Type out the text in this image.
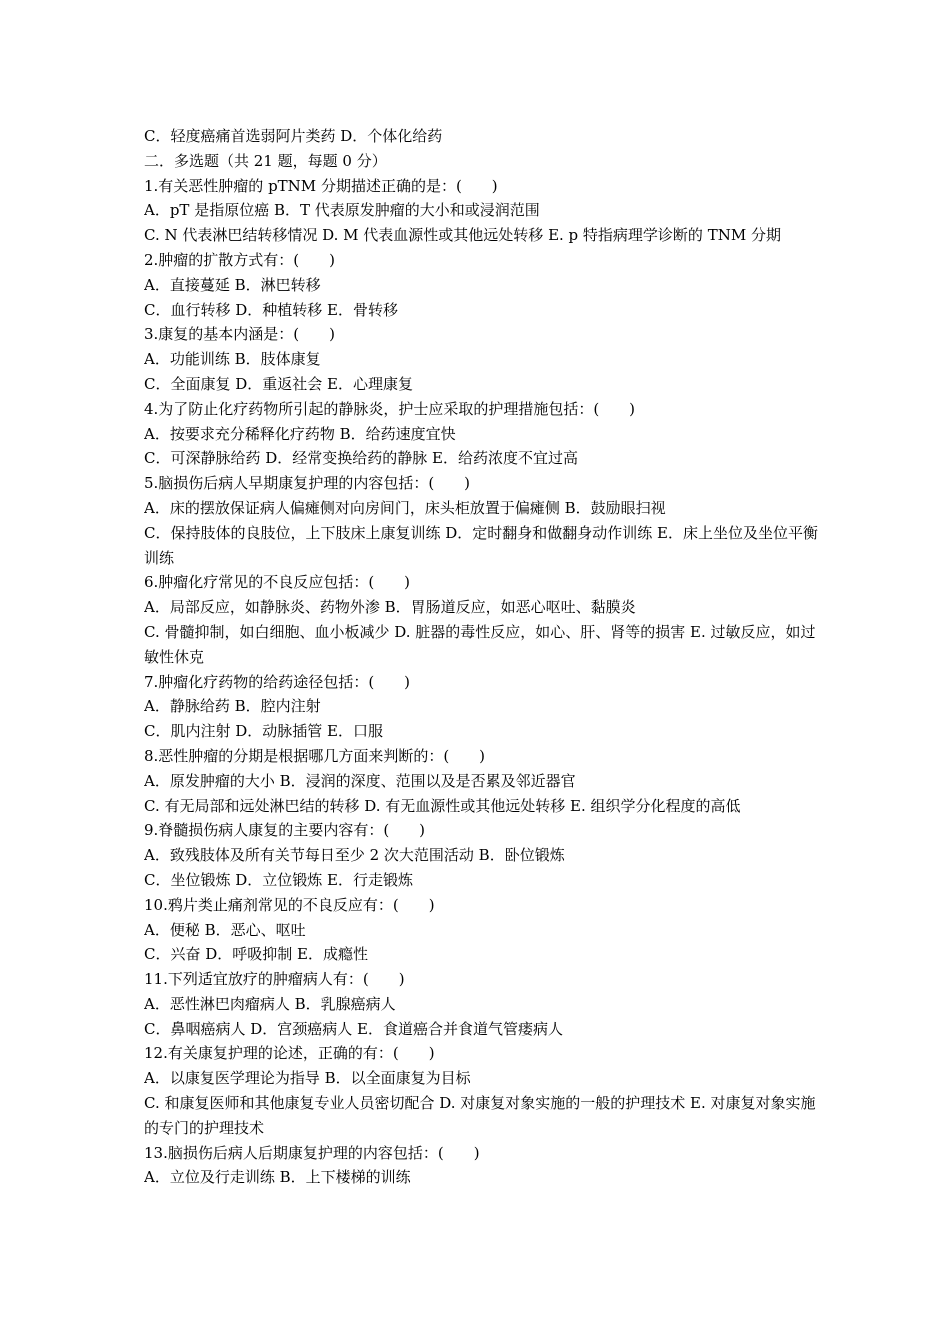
C．轻度癌痛首选弱阿片类药 D．个体化给药
二．多选题（共 21 题，每题 0 分）
1.有关恶性肿瘤的 pTNM 分期描述正确的是：(　　)
A．pT 是指原位癌 B．T 代表原发肿瘤的大小和或浸润范围
C. N 代表淋巴结转移情况 D. M 代表血源性或其他远处转移 E. p 特指病理学诊断的 TNM 分期
2.肿瘤的扩散方式有：(　　)
A．直接蔓延 B．淋巴转移
C．血行转移 D．种植转移 E．骨转移
3.康复的基本内涵是：(　　)
A．功能训练 B．肢体康复
C．全面康复 D．重返社会 E．心理康复
4.为了防止化疗药物所引起的静脉炎，护士应采取的护理措施包括：(　　)
A．按要求充分稀释化疗药物 B．给药速度宜快
C．可深静脉给药 D．经常变换给药的静脉 E．给药浓度不宜过高
5.脑损伤后病人早期康复护理的内容包括：(　　)
A．床的摆放保证病人偏瘫侧对向房间门，床头柜放置于偏瘫侧 B．鼓励眼扫视
C．保持肢体的良肢位，上下肢床上康复训练 D．定时翻身和做翻身动作训练 E．床上坐位及坐位平衡训练
6.肿瘤化疗常见的不良反应包括：(　　)
A．局部反应，如静脉炎、药物外渗 B．胃肠道反应，如恶心呕吐、黏膜炎
C. 骨髓抑制，如白细胞、血小板减少 D. 脏器的毒性反应，如心、肝、肾等的损害 E. 过敏反应，如过敏性休克
7.肿瘤化疗药物的给药途径包括：(　　)
A．静脉给药 B．腔内注射
C．肌内注射 D．动脉插管 E．口服
8.恶性肿瘤的分期是根据哪几方面来判断的：(　　)
A．原发肿瘤的大小 B．浸润的深度、范围以及是否累及邻近器官
C. 有无局部和远处淋巴结的转移 D. 有无血源性或其他远处转移 E. 组织学分化程度的高低
9.脊髓损伤病人康复的主要内容有：(　　)
A．致残肢体及所有关节每日至少 2 次大范围活动 B．卧位锻炼
C．坐位锻炼 D．立位锻炼 E．行走锻炼
10.鸦片类止痛剂常见的不良反应有：(　　)
A．便秘 B．恶心、呕吐
C．兴奋 D．呼吸抑制 E．成瘾性
11.下列适宜放疗的肿瘤病人有：(　　)
A．恶性淋巴肉瘤病人 B．乳腺癌病人
C．鼻咽癌病人 D．宫颈癌病人 E．食道癌合并食道气管瘘病人
12.有关康复护理的论述，正确的有：(　　)
A．以康复医学理论为指导 B．以全面康复为目标
C. 和康复医师和其他康复专业人员密切配合 D. 对康复对象实施的一般的护理技术 E. 对康复对象实施的专门的护理技术
13.脑损伤后病人后期康复护理的内容包括：(　　)
A．立位及行走训练 B．上下楼梯的训练
